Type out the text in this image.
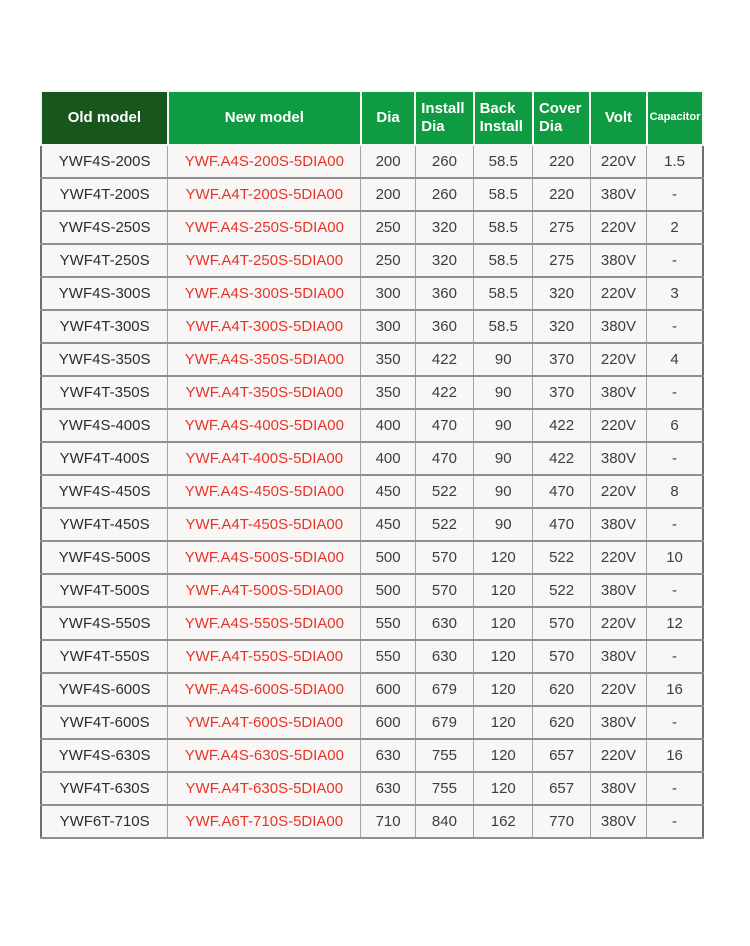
Old model	New model	Dia	Install Dia	Back Install	Cover Dia	Volt	Capacitor
YWF4S-200S	YWF.A4S-200S-5DIA00	200	260	58.5	220	220V	1.5
YWF4T-200S	YWF.A4T-200S-5DIA00	200	260	58.5	220	380V	-
YWF4S-250S	YWF.A4S-250S-5DIA00	250	320	58.5	275	220V	2
YWF4T-250S	YWF.A4T-250S-5DIA00	250	320	58.5	275	380V	-
YWF4S-300S	YWF.A4S-300S-5DIA00	300	360	58.5	320	220V	3
YWF4T-300S	YWF.A4T-300S-5DIA00	300	360	58.5	320	380V	-
YWF4S-350S	YWF.A4S-350S-5DIA00	350	422	90	370	220V	4
YWF4T-350S	YWF.A4T-350S-5DIA00	350	422	90	370	380V	-
YWF4S-400S	YWF.A4S-400S-5DIA00	400	470	90	422	220V	6
YWF4T-400S	YWF.A4T-400S-5DIA00	400	470	90	422	380V	-
YWF4S-450S	YWF.A4S-450S-5DIA00	450	522	90	470	220V	8
YWF4T-450S	YWF.A4T-450S-5DIA00	450	522	90	470	380V	-
YWF4S-500S	YWF.A4S-500S-5DIA00	500	570	120	522	220V	10
YWF4T-500S	YWF.A4T-500S-5DIA00	500	570	120	522	380V	-
YWF4S-550S	YWF.A4S-550S-5DIA00	550	630	120	570	220V	12
YWF4T-550S	YWF.A4T-550S-5DIA00	550	630	120	570	380V	-
YWF4S-600S	YWF.A4S-600S-5DIA00	600	679	120	620	220V	16
YWF4T-600S	YWF.A4T-600S-5DIA00	600	679	120	620	380V	-
YWF4S-630S	YWF.A4S-630S-5DIA00	630	755	120	657	220V	16
YWF4T-630S	YWF.A4T-630S-5DIA00	630	755	120	657	380V	-
YWF6T-710S	YWF.A6T-710S-5DIA00	710	840	162	770	380V	-
